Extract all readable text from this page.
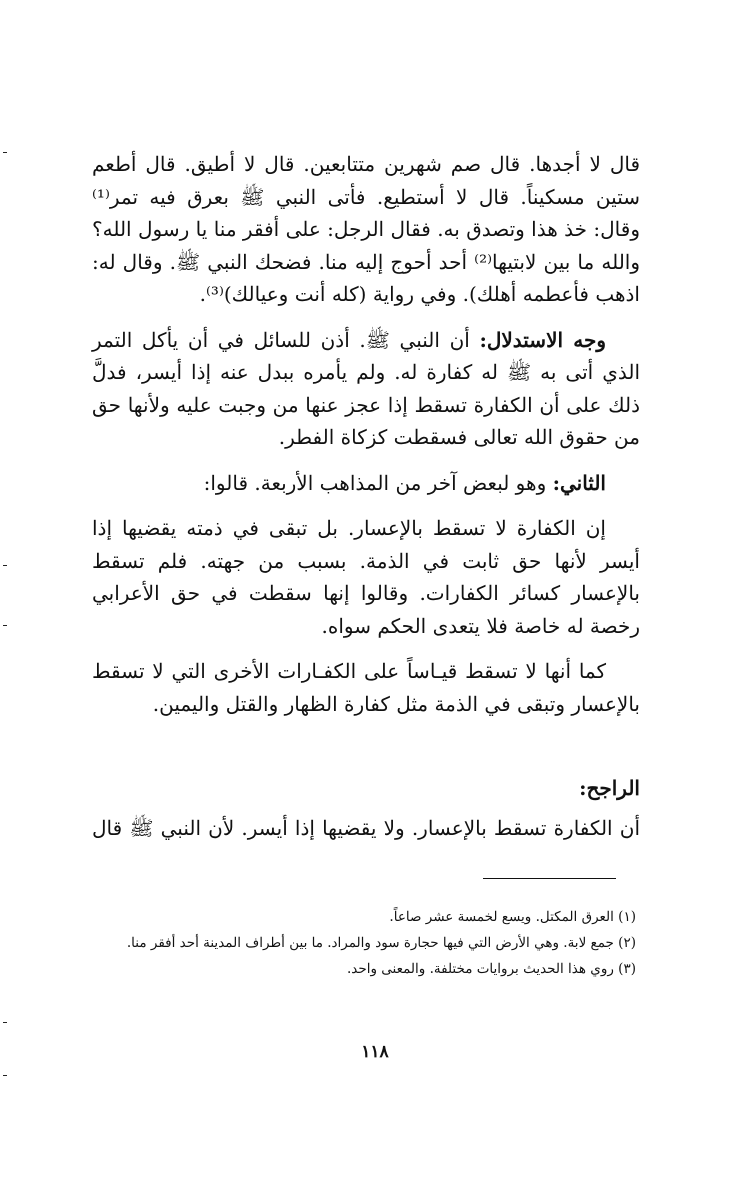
قال لا أجدها. قال صم شهرين متتابعين. قال لا أطيق. قال أطعم ستين مسكيناً. قال لا أستطيع. فأتى النبي ﷺ بعرق فيه تمر⁽¹⁾ وقال: خذ هذا وتصدق به. فقال الرجل: على أفقر منا يا رسول الله؟ والله ما بين لابتيها⁽²⁾ أحد أحوج إليه منا. فضحك النبي ﷺ. وقال له: اذهب فأعطمه أهلك). وفي رواية (كله أنت وعيالك)⁽³⁾.

وجه الاستدلال: أن النبي ﷺ. أذن للسائل في أن يأكل التمر الذي أتى به ﷺ له كفارة له. ولم يأمره ببدل عنه إذا أيسر، فدلَّ ذلك على أن الكفارة تسقط إذا عجز عنها من وجبت عليه ولأنها حق من حقوق الله تعالى فسقطت كزكاة الفطر.

الثاني: وهو لبعض آخر من المذاهب الأربعة. قالوا:

إن الكفارة لا تسقط بالإعسار. بل تبقى في ذمته يقضيها إذا أيسر لأنها حق ثابت في الذمة. بسبب من جهته. فلم تسقط بالإعسار كسائر الكفارات. وقالوا إنها سقطت في حق الأعرابي رخصة له خاصة فلا يتعدى الحكم سواه.

كما أنها لا تسقط قيـاساً على الكفـارات الأخرى التي لا تسقط بالإعسار وتبقى في الذمة مثل كفارة الظهار والقتل واليمين.

الراجح:

أن الكفارة تسقط بالإعسار. ولا يقضيها إذا أيسر. لأن النبي ﷺ قال

(١) العرق المكتل. ويسع لخمسة عشر صاعاً.

(٢) جمع لابة. وهي الأرض التي فيها حجارة سود والمراد. ما بين أطراف المدينة أحد أفقر منا.

(٣) روي هذا الحديث بروايات مختلفة. والمعنى واحد.

١١٨
